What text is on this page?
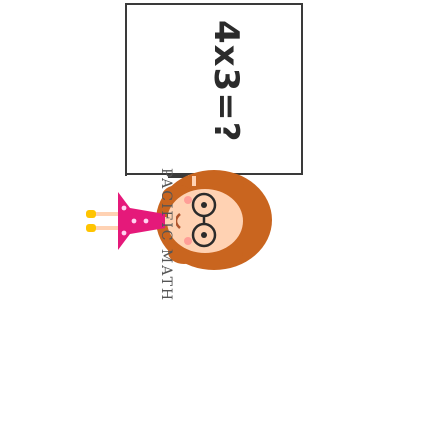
4x3=?
PACIFIC MATH
